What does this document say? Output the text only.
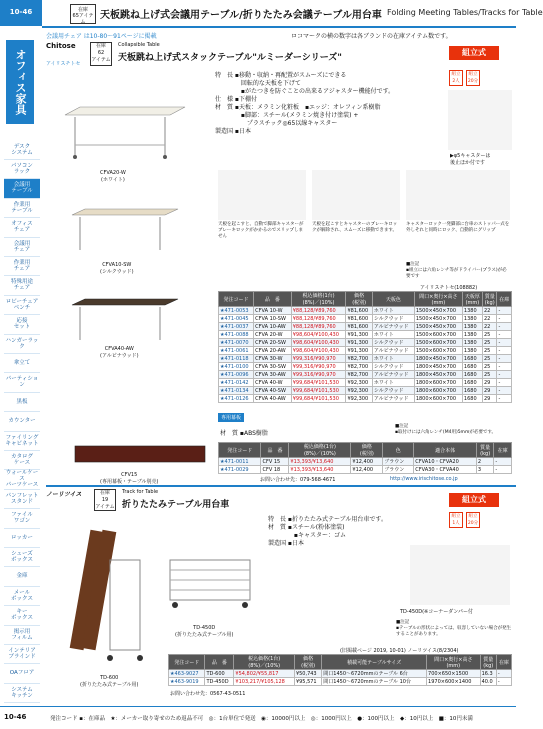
10-46
オフィス家具
デスク
システム
パソコン
ラック
会議用
テーブル
作業用
テーブル
オフィス
チェア
会議用
チェア
作業用
チェア
特殊用途
チェア
ロビーチェア
ベンチ
応接
セット
ハンガーラック
傘立て
パーティション
黒板
カウンター
ファイリング
キャビネット
カタログ
ケース
ウォールケース
パーツケース
パンフレット
スタンド
ファイル
ワゴン
ロッカー
シューズ
ボックス
金庫
メール
ボックス
キー
ボックス
掲示用
フィルム
インテリア
ブラインド
OAフロア
システム
キッチン
在庫
65アイテム
天板跳ね上げ式会議用テーブル/折りたたみ会議テーブル用台車 Folding Meeting Tables/Tracks for Table
会議用チェア は10-80〜91ページに掲載	ロコマークの横の数字は各ブランドの在庫アイテム数です。
Chitose
アイリスチトセ
在庫
62
アイテム
Collapsible Table
天板跳ね上げ式スタックテーブル"ルミーダーシリーズ"
組立式
組立
2人
組立
20分
CFVA20-W
(ホワイト)
CFVA10-SW
(シルクウッド)
CFVA40-AW
(アルビナウッド)
特　長 ▪移動・収納・再配置がスムーズにできる
　　　　 回転的な天板を下げて
　　　　 ▪がたつきを防ぐことの出来るアジャスター機能付です。
仕　様 ▪下棚付
材　質 ▪天板：メラミン化粧板　▪エッジ：オレフィン系樹脂
　　　　 ▪脚部：スチール(メラミン焼き付け塗装) +
　　　　 　プラスチック◎65以線キャスター
製造国 ▪日本
▶φ5キャスターは
後止ほか付です
天板を起こすと、自動で脚部キャスターがブレーキロックがかかるのでスリップしません
天板を起こすとキャスターのブレーキロックが解除され、スムーズに移動できます。
キャスターロック一発脚部に台車のストッパー式を外しそれと同時にロック、自動的にグリップ
■注記
▪組立には六角レンチ等がドライバー(プラス)が必要です
アイリスチトセ(108882)
発注コード	品　番	税込価格(1台)
(8%)／(10%)	価格
(税別)	天板色	間口×奥行×高さ
(mm)	天板厚
(mm)	質量
(kg)	在庫
★471-0053	CFVA 10-W	¥88,128/¥89,760	¥81,600	ホワイト	1500×450×700	1380	22	-
★471-0045	CFVA 10-SW	¥88,128/¥89,760	¥81,600	シルクウッド	1500×450×700	1380	22	-
★471-0037	CFVA 10-AW	¥88,128/¥89,760	¥81,600	アルビナウッド	1500×450×700	1380	22	-
★471-0088	CFVA 20-W	¥98,604/¥100,430	¥91,300	ホワイト	1500×600×700	1380	25	-
★471-0070	CFVA 20-SW	¥98,604/¥100,430	¥91,300	シルクウッド	1500×600×700	1380	25	-
★471-0061	CFVA 20-AW	¥98,604/¥100,430	¥91,300	アルビナウッド	1500×600×700	1380	25	-
★471-0118	CFVA 30-W	¥99,316/¥90,970	¥82,700	ホワイト	1800×450×700	1680	25	-
★471-0100	CFVA 30-SW	¥99,316/¥90,970	¥82,700	シルクウッド	1800×450×700	1680	25	-
★471-0096	CFVA 30-AW	¥99,316/¥90,970	¥82,700	アルビナウッド	1800×450×700	1680	25	-
★471-0142	CFVA 40-W	¥99,684/¥101,530	¥92,300	ホワイト	1800×600×700	1680	29	-
★471-0134	CFVA 40-SW	¥99,684/¥101,530	¥92,300	シルクウッド	1800×600×700	1680	29	-
★471-0126	CFVA 40-AW	¥99,684/¥101,530	¥92,300	アルビナウッド	1800×600×700	1680	29	-
専用幕板
材　質 ▪ABS樹脂
■注記
▪取付けには六角レンチ(M4用)5mmが必要です。
CFV15
(専用幕板・テーブル別売)
発注コード	品　番	税込価格(1台)
(8%)／(10%)	価格
(税別)	色	適合本体	質量
(kg)	在庫
★471-0011	CFV 15	¥13,393/¥13,640	¥12,400	ブラウン	CFVA10・CFVA20	2	-
★471-0029	CFV 18	¥13,393/¥13,640	¥12,400	ブラウン	CFVA30・CFVA40	3	-
お問い合わせ先：079-568-4671	http://www.irischitose.co.jp
ノーリツイス	在庫
19
アイテム
Track for Table
折りたたみテーブル用台車
組立式
組立
1人
組立
20分
特　長 ▪折りたたみ式テーブル用台車です。
材　質 ▪スチール(粉体塗装)
　　　　 ▪キャスター：ゴム
製造国 ▪日本
TD-600
(折りたたみ式テーブル用)
TD-450D
(折りたたみ式テーブル用)
TD-450D(※コーナーダンパー付
■注記
▪テーブルの形状によっては、収容していない場合が発生することがあります。
(旧掲載ページ 2019, 10-01) ノーリツイス(8/2304)
発注コード	品　番	税込価格(1台)
(8%)／(10%)	価格
(税別)	積載可能テーブルサイズ	間口×奥行×高さ
(mm)	質量
(kg)	在庫
★463-9027	TD-600	¥54,802/¥55,817	¥50,743	間口1450〜6720mmのテーブル 6台	700×650×1500	16.3	-
★463-9019	TD-450D	¥103,217/¥105,128	¥95,571	間口1450〜6720mmのテーブル 10台	1970×600×1400	40.0	-
お問い合わせ先：0567-43-0511
10-46	発注コード ▪：在庫品　★：メーカー取り寄せのため返品不可　◎：1台単位で発送　◉：10000円以上　◎：1000円以上　●：100円以上　◆：10円以上　■：10円未満
